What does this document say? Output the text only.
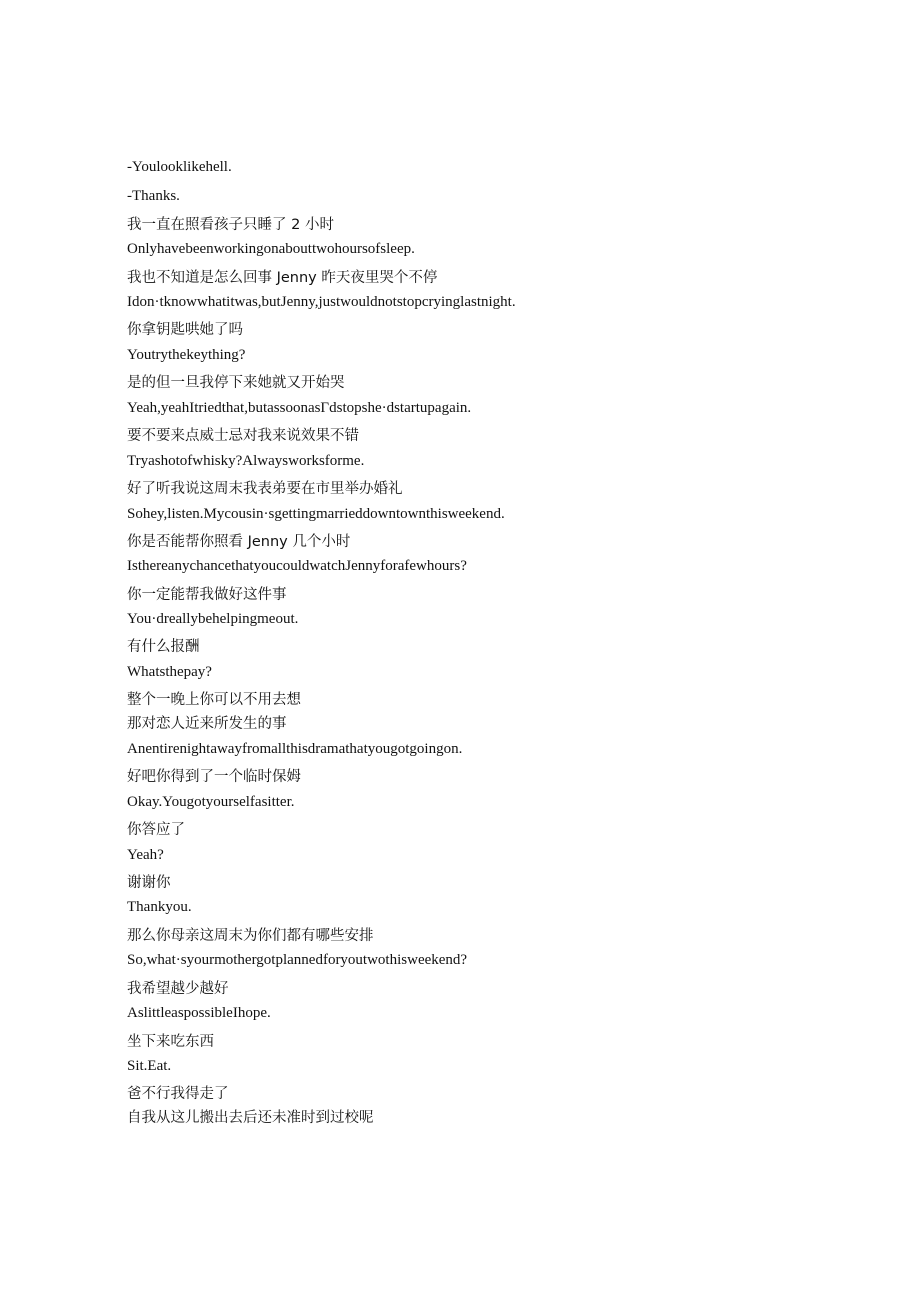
-Youlooklikehell.
-Thanks.
我一直在照看孩子只睡了 2 小时
Onlyhavebeenworkingonabouttwohoursofsleep.
我也不知道是怎么回事 Jenny 昨天夜里哭个不停
Idon·tknowwhatitwas,butJenny,justwouldnotstopcryinglastnight.
你拿钥匙哄她了吗
Youtrythekeything?
是的但一旦我停下来她就又开始哭
Yeah,yeahItriedthat,butassoonasΓdstopshe·dstartupagain.
要不要来点威士忌对我来说效果不错
Tryashotofwhisky?Alwaysworksforme.
好了听我说这周末我表弟要在市里举办婚礼
Sohey,listen.Mycousin·sgettingmarrieddowntownthisweekend.
你是否能帮你照看 Jenny 几个小时
IsthereanychancethatyoucouldwatchJennyforafewhours?
你一定能帮我做好这件事
You·dreallybehelpingmeout.
有什么报酬
Whatsthepay?
整个一晚上你可以不用去想
那对恋人近来所发生的事
Anentirenightawayfromallthisdramathatyougotgoingon.
好吧你得到了一个临时保姆
Okay.Yougotyourselfasitter.
你答应了
Yeah?
谢谢你
Thankyou.
那么你母亲这周末为你们都有哪些安排
So,what·syourmothergotplannedforyoutwothisweekend?
我希望越少越好
AslittleaspossibleIhope.
坐下来吃东西
Sit.Eat.
爸不行我得走了
自我从这儿搬出去后还未准时到过校呢
